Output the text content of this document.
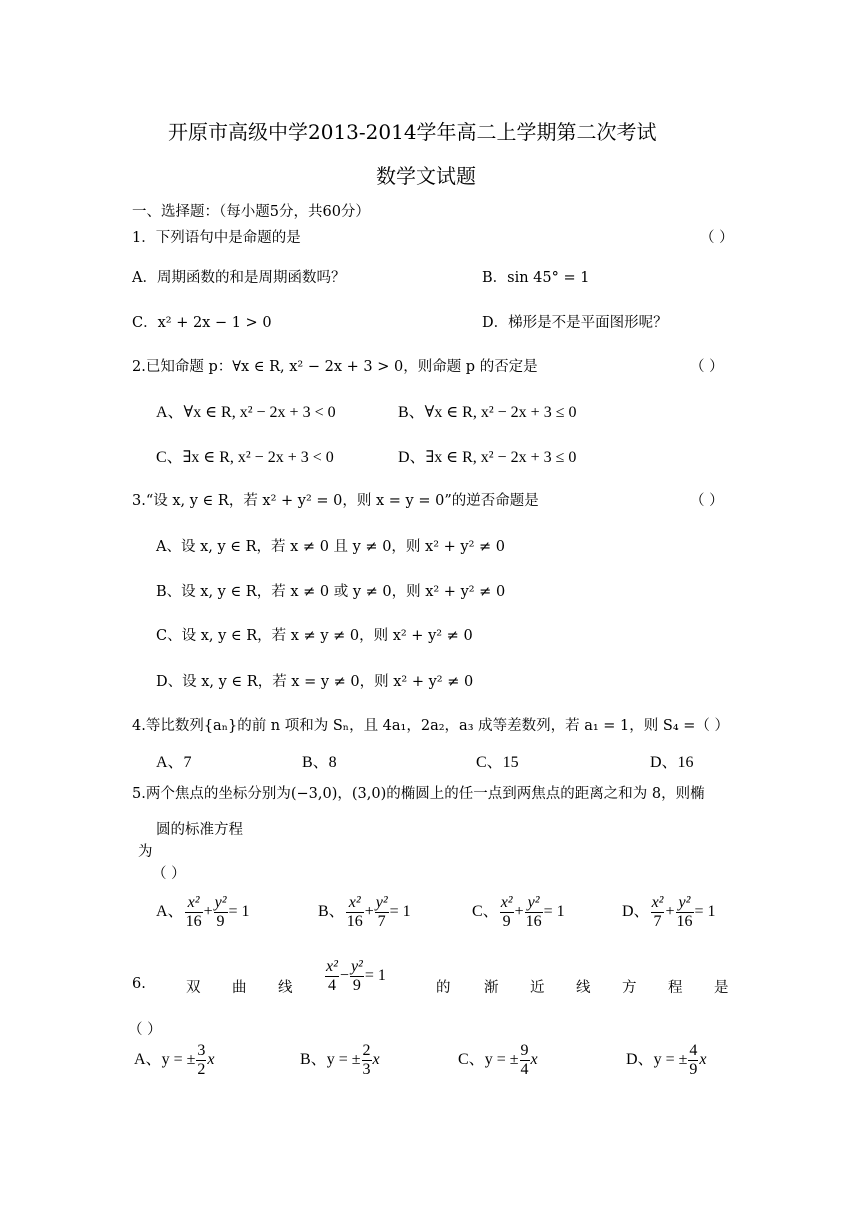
开原市高级中学2013-2014学年高二上学期第二次考试
数学文试题
一、选择题：（每小题5分，共60分）
1．下列语句中是命题的是	（ ）
A．周期函数的和是周期函数吗？	B．sin 45° = 1
C．x² + 2x − 1 > 0	D．梯形是不是平面图形呢？
2.已知命题 p：∀x ∈ R, x² − 2x + 3 > 0，则命题 p 的否定是	（ ）
A、∀x ∈ R, x² − 2x + 3 < 0	B、∀x ∈ R, x² − 2x + 3 ≤ 0
C、∃x ∈ R, x² − 2x + 3 < 0	D、∃x ∈ R, x² − 2x + 3 ≤ 0
3.“设 x, y ∈ R，若 x² + y² = 0，则 x = y = 0”的逆否命题是	（ ）
A、设 x, y ∈ R，若 x ≠ 0 且 y ≠ 0，则 x² + y² ≠ 0
B、设 x, y ∈ R，若 x ≠ 0 或 y ≠ 0，则 x² + y² ≠ 0
C、设 x, y ∈ R，若 x ≠ y ≠ 0，则 x² + y² ≠ 0
D、设 x, y ∈ R，若 x = y ≠ 0，则 x² + y² ≠ 0
4.等比数列{aₙ}的前 n 项和为 Sₙ，且 4a₁，2a₂，a₃ 成等差数列，若 a₁ = 1，则 S₄ =（ ）
A、7	B、8	C、15	D、16
5.两个焦点的坐标分别为(−3,0)，(3,0)的椭圆上的任一点到两焦点的距离之和为 8，则椭
圆的标准方程
为
（ ）
A、 $\frac{\text{x²}}{16} + \frac{\text{y²}}{9} = 1$	B、 $\frac{\text{x²}}{16} + \frac{\text{y²}}{7} = 1$	C、 $\frac{\text{x²}}{9} + \frac{\text{y²}}{16} = 1$	D、 $\frac{\text{x²}}{7} + \frac{\text{y²}}{16} = 1$
6.	双 曲 线 $\frac{\text{x²}}{4} - \frac{\text{y²}}{9} = 1$
的 渐 近 线 方 程 是
（ ）
A、y = ± $\frac{3}{2}$ x	B、y = ± $\frac{2}{3}$ x	C、y = ± $\frac{9}{4}$ x	D、y = ± $\frac{4}{9}$ x
